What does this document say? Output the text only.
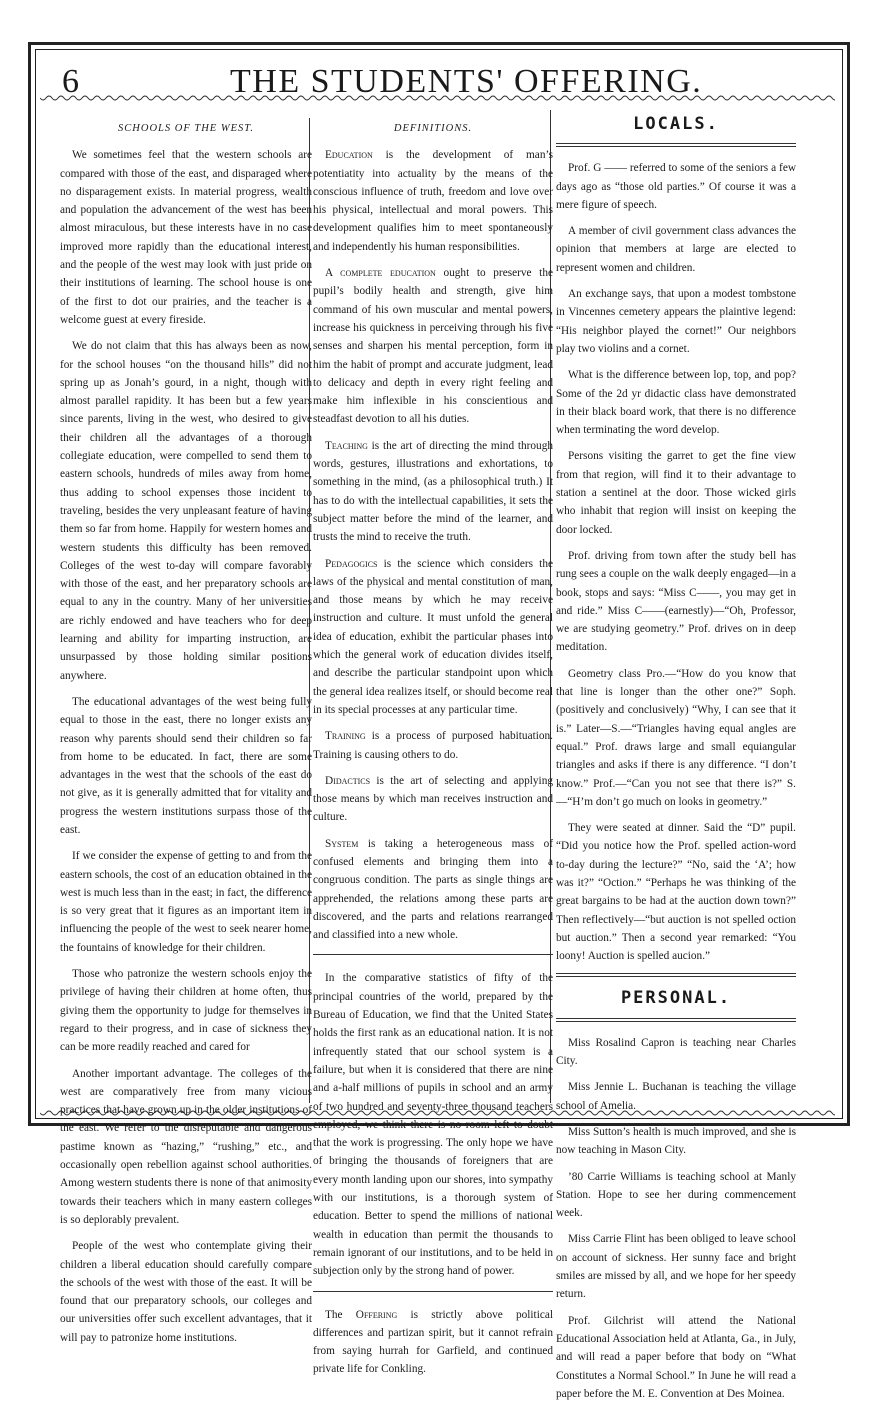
6	THE STUDENTS' OFFERING.

SCHOOLS OF THE WEST.

We sometimes feel that the western schools are compared with those of the east, and disparaged where no disparagement exists. In material progress, wealth and population the advancement of the west has been almost miraculous, but these interests have in no case improved more rapidly than the educational interest, and the people of the west may look with just pride on their institutions of learning. The school house is one of the first to dot our prairies, and the teacher is a welcome guest at every fireside.

We do not claim that this has always been as now, for the school houses “on the thousand hills” did not spring up as Jonah’s gourd, in a night, though with almost parallel rapidity. It has been but a few years since parents, living in the west, who desired to give their children all the advantages of a thorough collegiate education, were compelled to send them to eastern schools, hundreds of miles away from home, thus adding to school expenses those incident to traveling, besides the very unpleasant feature of having them so far from home. Happily for western homes and western students this difficulty has been removed. Colleges of the west to-day will compare favorably with those of the east, and her preparatory schools are equal to any in the country. Many of her universities are richly endowed and have teachers who for deep learning and ability for imparting instruction, are unsurpassed by those holding similar positions anywhere.

The educational advantages of the west being fully equal to those in the east, there no longer exists any reason why parents should send their children so far from home to be educated. In fact, there are some advantages in the west that the schools of the east do not give, as it is generally admitted that for vitality and progress the western institutions surpass those of the east.

If we consider the expense of getting to and from the eastern schools, the cost of an education obtained in the west is much less than in the east; in fact, the difference is so very great that it figures as an important item in influencing the people of the west to seek nearer home, the fountains of knowledge for their children.

Those who patronize the western schools enjoy the privilege of having their children at home often, thus giving them the opportunity to judge for themselves in regard to their progress, and in case of sickness they can be more readily reached and cared for

Another important advantage. The colleges of the west are comparatively free from many vicious practices that have grown up in the older institutions of the east. We refer to the disreputable and dangerous pastime known as “hazing,” “rushing,” etc., and occasionally open rebellion against school authorities. Among western students there is none of that animosity towards their teachers which in many eastern colleges is so deplorably prevalent.

People of the west who contemplate giving their children a liberal education should carefully compare the schools of the west with those of the east. It will be found that our preparatory schools, our colleges and our universities offer such excellent advantages, that it will pay to patronize home institutions.

DEFINITIONS.

Education is the development of man’s potentiatity into actuality by the means of the conscious influence of truth, freedom and love over his physical, intellectual and moral powers. This development qualifies him to meet spontaneously and independently his human responsibilities.

A complete education ought to preserve the pupil’s bodily health and strength, give him command of his own muscular and mental powers, increase his quickness in perceiving through his five senses and sharpen his mental perception, form in him the habit of prompt and accurate judgment, lead to delicacy and depth in every right feeling and make him inflexible in his conscientious and steadfast devotion to all his duties.

Teaching is the art of directing the mind through words, gestures, illustrations and exhortations, to something in the mind, (as a philosophical truth.) It has to do with the intellectual capabilities, it sets the subject matter before the mind of the learner, and trusts the mind to receive the truth.

Pedagogics is the science which considers the laws of the physical and mental constitution of man, and those means by which he may receive instruction and culture. It must unfold the general idea of education, exhibit the particular phases into which the general work of education divides itself, and describe the particular standpoint upon which the general idea realizes itself, or should become real in its special processes at any particular time.

Training is a process of purposed habituation. Training is causing others to do.

Didactics is the art of selecting and applying those means by which man receives instruction and culture.

System is taking a heterogeneous mass of confused elements and bringing them into a congruous condition. The parts as single things are apprehended, the relations among these parts are discovered, and the parts and relations rearranged and classified into a new whole.

In the comparative statistics of fifty of the principal countries of the world, prepared by the Bureau of Education, we find that the United States holds the first rank as an educational nation. It is not infrequently stated that our school system is a failure, but when it is considered that there are nine and a-half millions of pupils in school and an army of two hundred and seventy-three thousand teachers employed, we think there is no room left to doubt that the work is progressing. The only hope we have of bringing the thousands of foreigners that are every month landing upon our shores, into sympathy with our institutions, is a thorough system of education. Better to spend the millions of national wealth in education than permit the thousands to remain ignorant of our institutions, and to be held in subjection only by the strong hand of power.

The Offering is strictly above political differences and partizan spirit, but it cannot refrain from saying hurrah for Garfield, and continued private life for Conkling.

LOCALS.

Prof. G —— referred to some of the seniors a few days ago as “those old parties.” Of course it was a mere figure of speech.

A member of civil government class advances the opinion that members at large are elected to represent women and children.

An exchange says, that upon a modest tombstone in Vincennes cemetery appears the plaintive legend: “His neighbor played the cornet!” Our neighbors play two violins and a cornet.

What is the difference between lop, top, and pop? Some of the 2d yr didactic class have demonstrated in their black board work, that there is no difference when terminating the word develop.

Persons visiting the garret to get the fine view from that region, will find it to their advantage to station a sentinel at the door. Those wicked girls who inhabit that region will insist on keeping the door locked.

Prof. driving from town after the study bell has rung sees a couple on the walk deeply engaged—in a book, stops and says: “Miss C——, you may get in and ride.” Miss C——(earnestly)—“Oh, Professor, we are studying geometry.” Prof. drives on in deep meditation.

Geometry class Pro.—“How do you know that that line is longer than the other one?” Soph. (positively and conclusively) “Why, I can see that it is.” Later—S.—“Triangles having equal angles are equal.” Prof. draws large and small equiangular triangles and asks if there is any difference. “I don’t know.” Prof.—“Can you not see that there is?” S.—“H’m don’t go much on looks in geometry.”

They were seated at dinner. Said the “D” pupil. “Did you notice how the Prof. spelled action-word to-day during the lecture?” “No, said the ‘A’; how was it?” “Oction.” “Perhaps he was thinking of the great bargains to be had at the auction down town?” Then reflectively—“but auction is not spelled oction but auction.” Then a second year remarked: “You loony! Auction is spelled aucion.”

PERSONAL.

Miss Rosalind Capron is teaching near Charles City.

Miss Jennie L. Buchanan is teaching the village school of Amelia.

Miss Sutton’s health is much improved, and she is now teaching in Mason City.

’80 Carrie Williams is teaching school at Manly Station. Hope to see her during commencement week.

Miss Carrie Flint has been obliged to leave school on account of sickness. Her sunny face and bright smiles are missed by all, and we hope for her speedy return.

Prof. Gilchrist will attend the National Educational Association held at Atlanta, Ga., in July, and will read a paper before that body on “What Constitutes a Normal School.” In June he will read a paper before the M. E. Convention at Des Moinea.
